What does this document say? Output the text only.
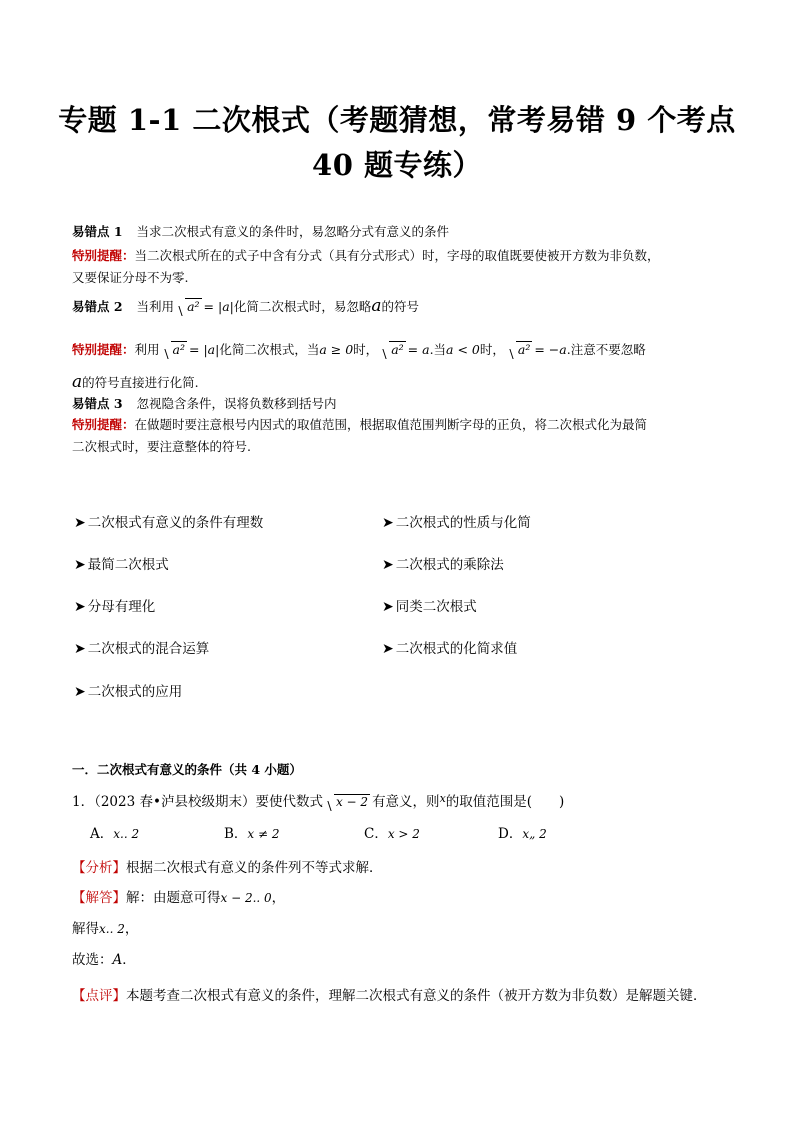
专题 1-1 二次根式（考题猜想，常考易错 9 个考点
40 题专练）
易错点 1 当求二次根式有意义的条件时，易忽略分式有意义的条件
特别提醒：当二次根式所在的式子中含有分式（具有分式形式）时，字母的取值既要使被开方数为非负数，
又要保证分母不为零.
易错点 2 当利用 a² = |a|化简二次根式时，易忽略a的符号
特别提醒：利用 a² = |a|化简二次根式，当a ≥ 0时， a² = a.当a < 0时， a² = −a.注意不要忽略
a的符号直接进行化简.
易错点 3 忽视隐含条件，误将负数移到括号内
特别提醒：在做题时要注意根号内因式的取值范围，根据取值范围判断字母的正负，将二次根式化为最简
二次根式时，要注意整体的符号.
➤ 二次根式有意义的条件有理数	➤ 二次根式的性质与化简
➤ 最简二次根式	➤ 二次根式的乘除法
➤ 分母有理化	➤ 同类二次根式
➤ 二次根式的混合运算	➤ 二次根式的化简求值
➤ 二次根式的应用
一．二次根式有意义的条件（共 4 小题）
1．（2023 春•泸县校级期末）要使代数式 x − 2 有意义，则$^x$的取值范围是(　　)
A．x.. 2	B．x ≠ 2	C．x > 2	D．x„ 2
【分析】根据二次根式有意义的条件列不等式求解．
【解答】解：由题意可得x − 2.. 0，
解得x.. 2，
故选：A．
【点评】本题考查二次根式有意义的条件，理解二次根式有意义的条件（被开方数为非负数）是解题关键．
